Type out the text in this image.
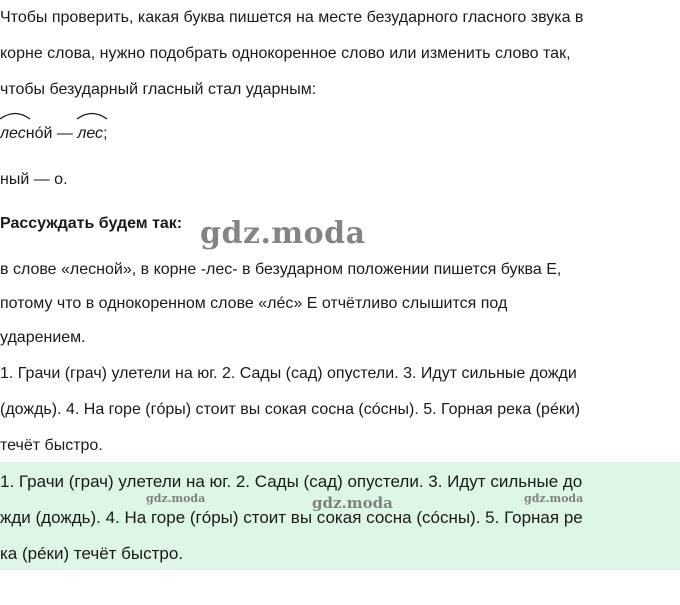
Чтобы проверить, какая буква пишется на месте безударного гласного звука в

корне слова, нужно подобрать однокоренное слово или изменить слово так,

чтобы безударный гласный стал ударным:

леснóй —
лес;

ный — о.

Рассуждать будем так:

в слове «лесной», в корне -лес- в безударном положении пишется буква Е,

потому что в однокоренном слове «лéс» Е отчётливо слышится под

ударением.

1. Грачи (грач) улетели на юг. 2. Сады (сад) опустели. 3. Идут сильные дожди

(дождь). 4. На горе (гóры) стоит вы сокая сосна (сóсны). 5. Горная река (рéки)

течёт быстро.

1. Грачи (грач) улетели на юг. 2. Сады (сад) опустели. 3. Идут сильные до

жди (дождь). 4. На горе (гóры) стоит вы сокая сосна (сóсны). 5. Горная ре

ка (рéки) течёт быстро.

gdz.moda
gdz.moda	gdz.moda	gdz.moda
